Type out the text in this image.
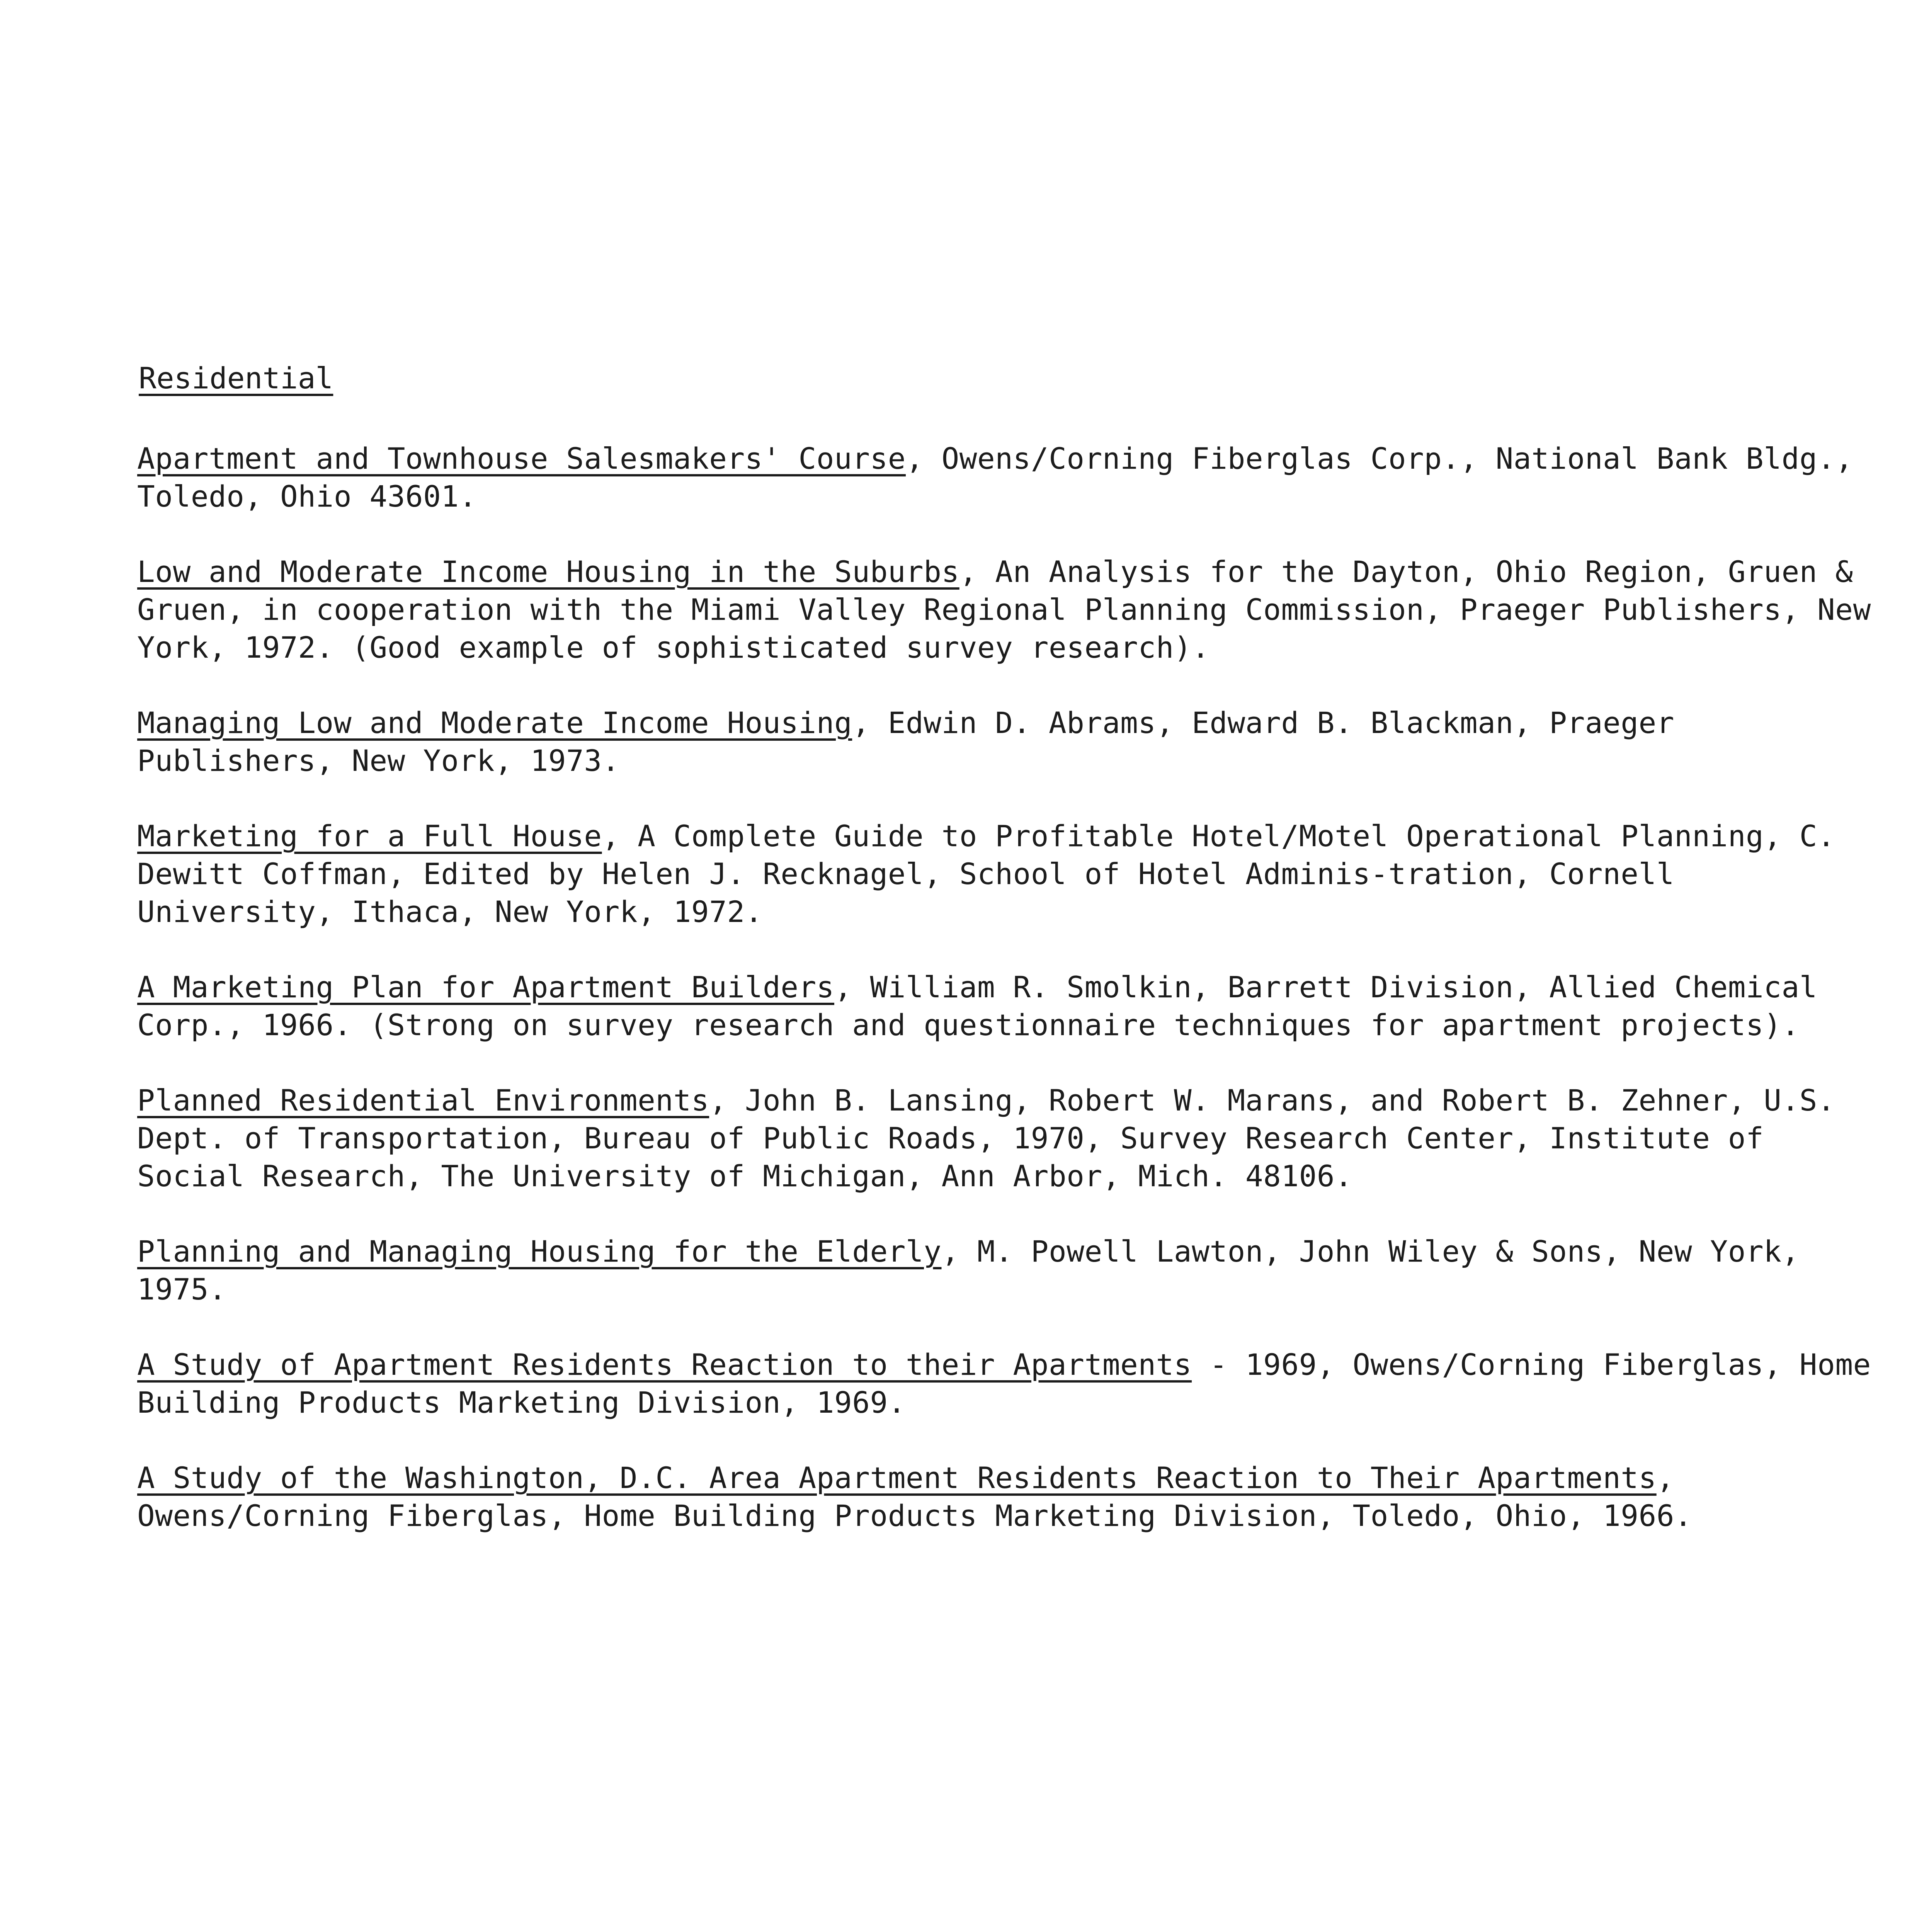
Residential
Apartment and Townhouse Salesmakers' Course, Owens/Corning Fiberglas Corp., National Bank Bldg., Toledo, Ohio 43601.
Low and Moderate Income Housing in the Suburbs, An Analysis for the Dayton, Ohio Region, Gruen & Gruen, in cooperation with the Miami Valley Regional Planning Commission, Praeger Publishers, New York, 1972. (Good example of sophisticated survey research).
Managing Low and Moderate Income Housing, Edwin D. Abrams, Edward B. Blackman, Praeger Publishers, New York, 1973.
Marketing for a Full House, A Complete Guide to Profitable Hotel/Motel Operational Planning, C. Dewitt Coffman, Edited by Helen J. Recknagel, School of Hotel Adminis-tration, Cornell University, Ithaca, New York, 1972.
A Marketing Plan for Apartment Builders, William R. Smolkin, Barrett Division, Allied Chemical Corp., 1966. (Strong on survey research and questionnaire techniques for apartment projects).
Planned Residential Environments, John B. Lansing, Robert W. Marans, and Robert B. Zehner, U.S. Dept. of Transportation, Bureau of Public Roads, 1970, Survey Research Center, Institute of Social Research, The University of Michigan, Ann Arbor, Mich. 48106.
Planning and Managing Housing for the Elderly, M. Powell Lawton, John Wiley & Sons, New York, 1975.
A Study of Apartment Residents Reaction to their Apartments - 1969, Owens/Corning Fiberglas, Home Building Products Marketing Division, 1969.
A Study of the Washington, D.C. Area Apartment Residents Reaction to Their Apartments, Owens/Corning Fiberglas, Home Building Products Marketing Division, Toledo, Ohio, 1966.
